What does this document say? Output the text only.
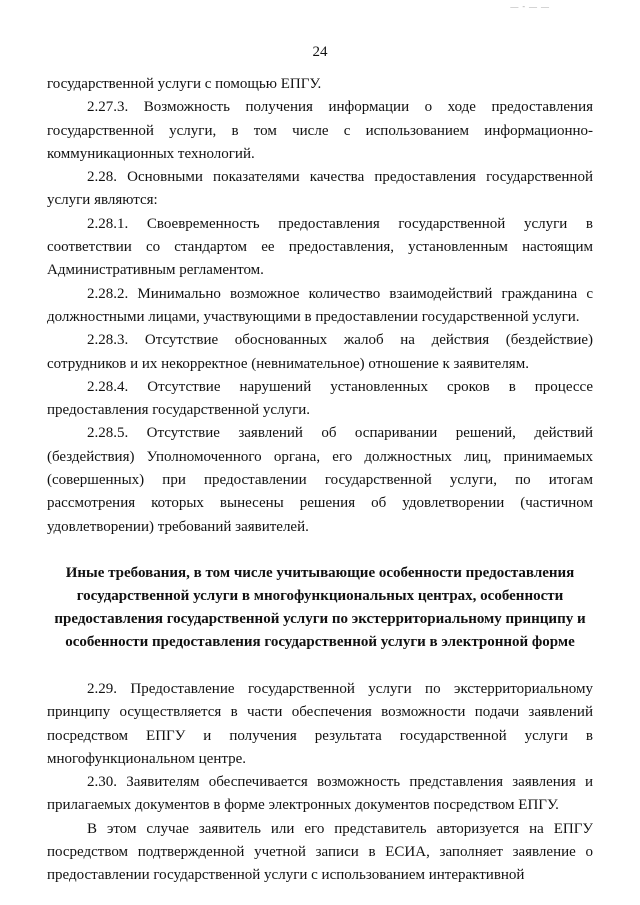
— - — —
24

государственной услуги с помощью ЕПГУ.

2.27.3. Возможность получения информации о ходе предоставления государственной услуги, в том числе с использованием информационно-коммуникационных технологий.

2.28. Основными показателями качества предоставления государственной услуги являются:

2.28.1. Своевременность предоставления государственной услуги в соответствии со стандартом ее предоставления, установленным настоящим Административным регламентом.

2.28.2. Минимально возможное количество взаимодействий гражданина с должностными лицами, участвующими в предоставлении государственной услуги.

2.28.3. Отсутствие обоснованных жалоб на действия (бездействие) сотрудников и их некорректное (невнимательное) отношение к заявителям.

2.28.4. Отсутствие нарушений установленных сроков в процессе предоставления государственной услуги.

2.28.5. Отсутствие заявлений об оспаривании решений, действий (бездействия) Уполномоченного органа, его должностных лиц, принимаемых (совершенных) при предоставлении государственной услуги, по итогам рассмотрения которых вынесены решения об удовлетворении (частичном удовлетворении) требований заявителей.

Иные требования, в том числе учитывающие особенности предоставления государственной услуги в многофункциональных центрах, особенности предоставления государственной услуги по экстерриториальному принципу и особенности предоставления государственной услуги в электронной форме

2.29. Предоставление государственной услуги по экстерриториальному принципу осуществляется в части обеспечения возможности подачи заявлений посредством ЕПГУ и получения результата государственной услуги в многофункциональном центре.

2.30. Заявителям обеспечивается возможность представления заявления и прилагаемых документов в форме электронных документов посредством ЕПГУ.

В этом случае заявитель или его представитель авторизуется на ЕПГУ посредством подтвержденной учетной записи в ЕСИА, заполняет заявление о предоставлении государственной услуги с использованием интерактивной
